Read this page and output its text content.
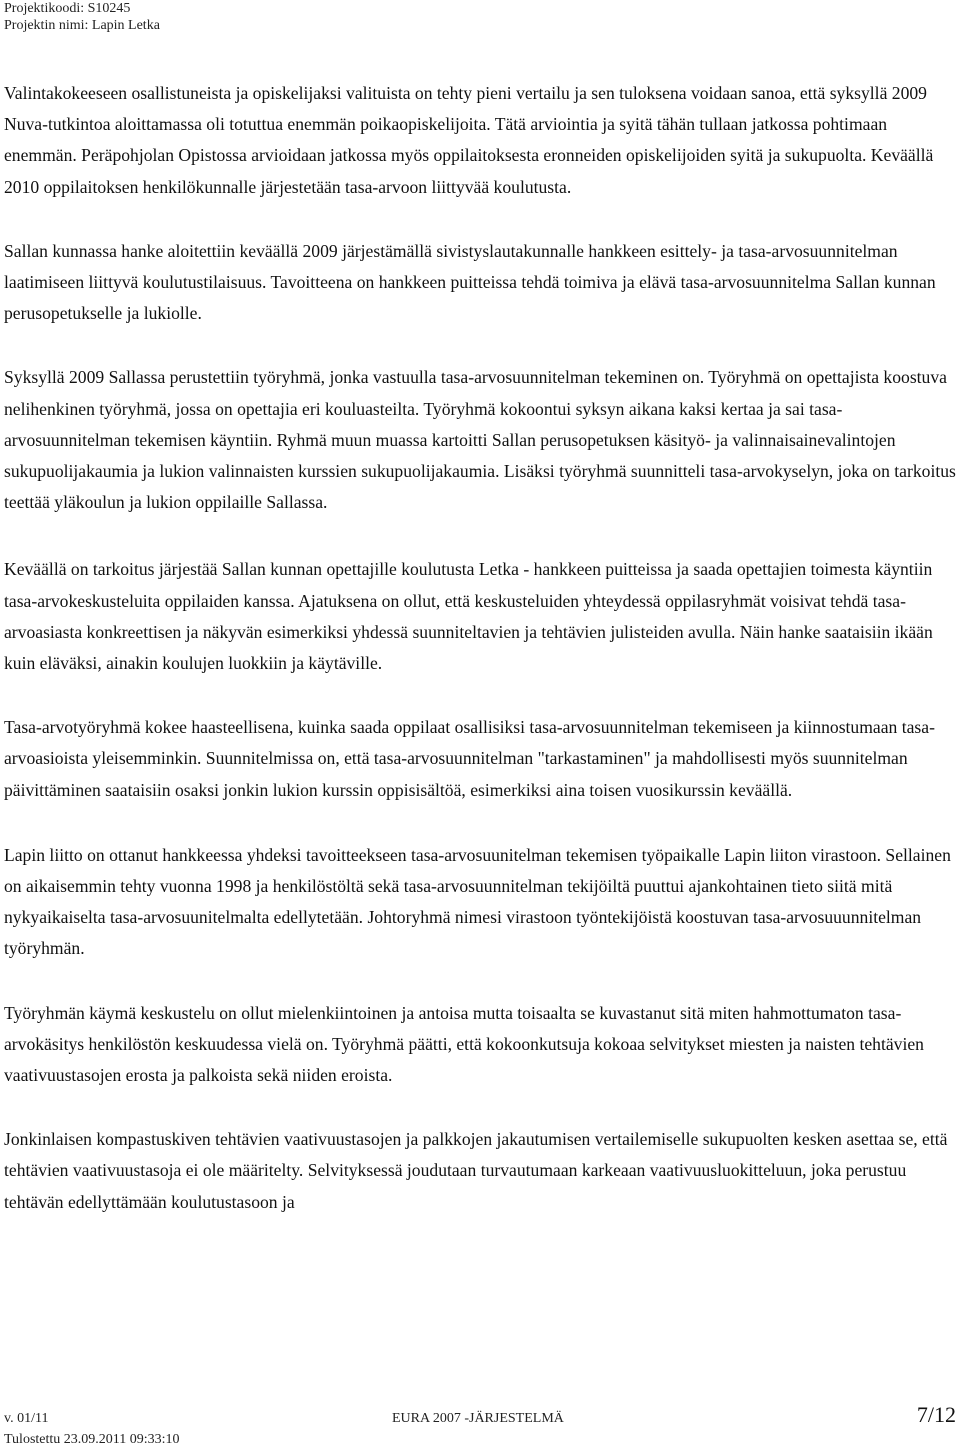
Projektikoodi: S10245
Projektin nimi: Lapin Letka

Valintakokeeseen osallistuneista ja opiskelijaksi valituista on tehty pieni vertailu ja sen tuloksena voidaan sanoa, että syksyllä 2009 Nuva-tutkintoa aloittamassa oli totuttua enemmän poikaopiskelijoita. Tätä arviointia ja syitä tähän tullaan jatkossa pohtimaan enemmän. Peräpohjolan Opistossa arvioidaan jatkossa myös oppilaitoksesta eronneiden opiskelijoiden syitä ja sukupuolta. Keväällä 2010 oppilaitoksen henkilökunnalle järjestetään tasa-arvoon liittyvää koulutusta.

Sallan kunnassa hanke aloitettiin keväällä 2009 järjestämällä sivistyslautakunnalle hankkeen esittely- ja tasa-arvosuunnitelman laatimiseen liittyvä koulutustilaisuus. Tavoitteena on hankkeen puitteissa tehdä toimiva ja elävä tasa-arvosuunnitelma Sallan kunnan perusopetukselle ja lukiolle.

Syksyllä 2009 Sallassa perustettiin työryhmä, jonka vastuulla tasa-arvosuunnitelman tekeminen on. Työryhmä on opettajista koostuva nelihenkinen työryhmä, jossa on opettajia eri kouluasteilta. Työryhmä kokoontui syksyn aikana kaksi kertaa ja sai tasa-arvosuunnitelman tekemisen käyntiin. Ryhmä muun muassa kartoitti Sallan perusopetuksen käsityö- ja valinnaisainevalintojen sukupuolijakaumia ja lukion valinnaisten kurssien sukupuolijakaumia. Lisäksi työryhmä suunnitteli tasa-arvokyselyn, joka on tarkoitus teettää yläkoulun ja lukion oppilaille Sallassa.

Keväällä on tarkoitus järjestää Sallan kunnan opettajille koulutusta Letka - hankkeen puitteissa ja saada opettajien toimesta käyntiin tasa-arvokeskusteluita oppilaiden kanssa. Ajatuksena on ollut, että keskusteluiden yhteydessä oppilasryhmät voisivat tehdä tasa-arvoasiasta konkreettisen ja näkyvän esimerkiksi yhdessä suunniteltavien ja tehtävien julisteiden avulla. Näin hanke saataisiin ikään kuin eläväksi, ainakin koulujen luokkiin ja käytäville.

Tasa-arvotyöryhmä kokee haasteellisena, kuinka saada oppilaat osallisiksi tasa-arvosuunnitelman tekemiseen ja kiinnostumaan tasa-arvoasioista yleisemminkin. Suunnitelmissa on, että tasa-arvosuunnitelman "tarkastaminen" ja mahdollisesti myös suunnitelman päivittäminen saataisiin osaksi jonkin lukion kurssin oppisisältöä, esimerkiksi aina toisen vuosikurssin keväällä.

Lapin liitto on ottanut hankkeessa yhdeksi tavoitteekseen tasa-arvosuunitelman tekemisen työpaikalle Lapin liiton virastoon. Sellainen on aikaisemmin tehty vuonna 1998 ja henkilöstöltä sekä tasa-arvosuunnitelman tekijöiltä puuttui ajankohtainen tieto siitä mitä nykyaikaiselta tasa-arvosuunitelmalta edellytetään. Johtoryhmä nimesi virastoon työntekijöistä koostuvan tasa-arvosuuunnitelman työryhmän.

Työryhmän käymä keskustelu on ollut mielenkiintoinen ja antoisa mutta toisaalta se kuvastanut sitä miten hahmottumaton tasa-arvokäsitys henkilöstön keskuudessa vielä on. Työryhmä päätti, että kokoonkutsuja kokoaa selvitykset miesten ja naisten tehtävien vaativuustasojen erosta ja palkoista sekä niiden eroista.

Jonkinlaisen kompastuskiven tehtävien vaativuustasojen ja palkkojen jakautumisen vertailemiselle sukupuolten kesken asettaa se, että tehtävien vaativuustasoja ei ole määritelty. Selvityksessä joudutaan turvautumaan karkeaan vaativuusluokitteluun, joka perustuu tehtävän edellyttämään koulutustasoon ja

v. 01/11
Tulostettu 23.09.2011 09:33:10
EURA 2007 -JÄRJESTELMÄ	7/12
